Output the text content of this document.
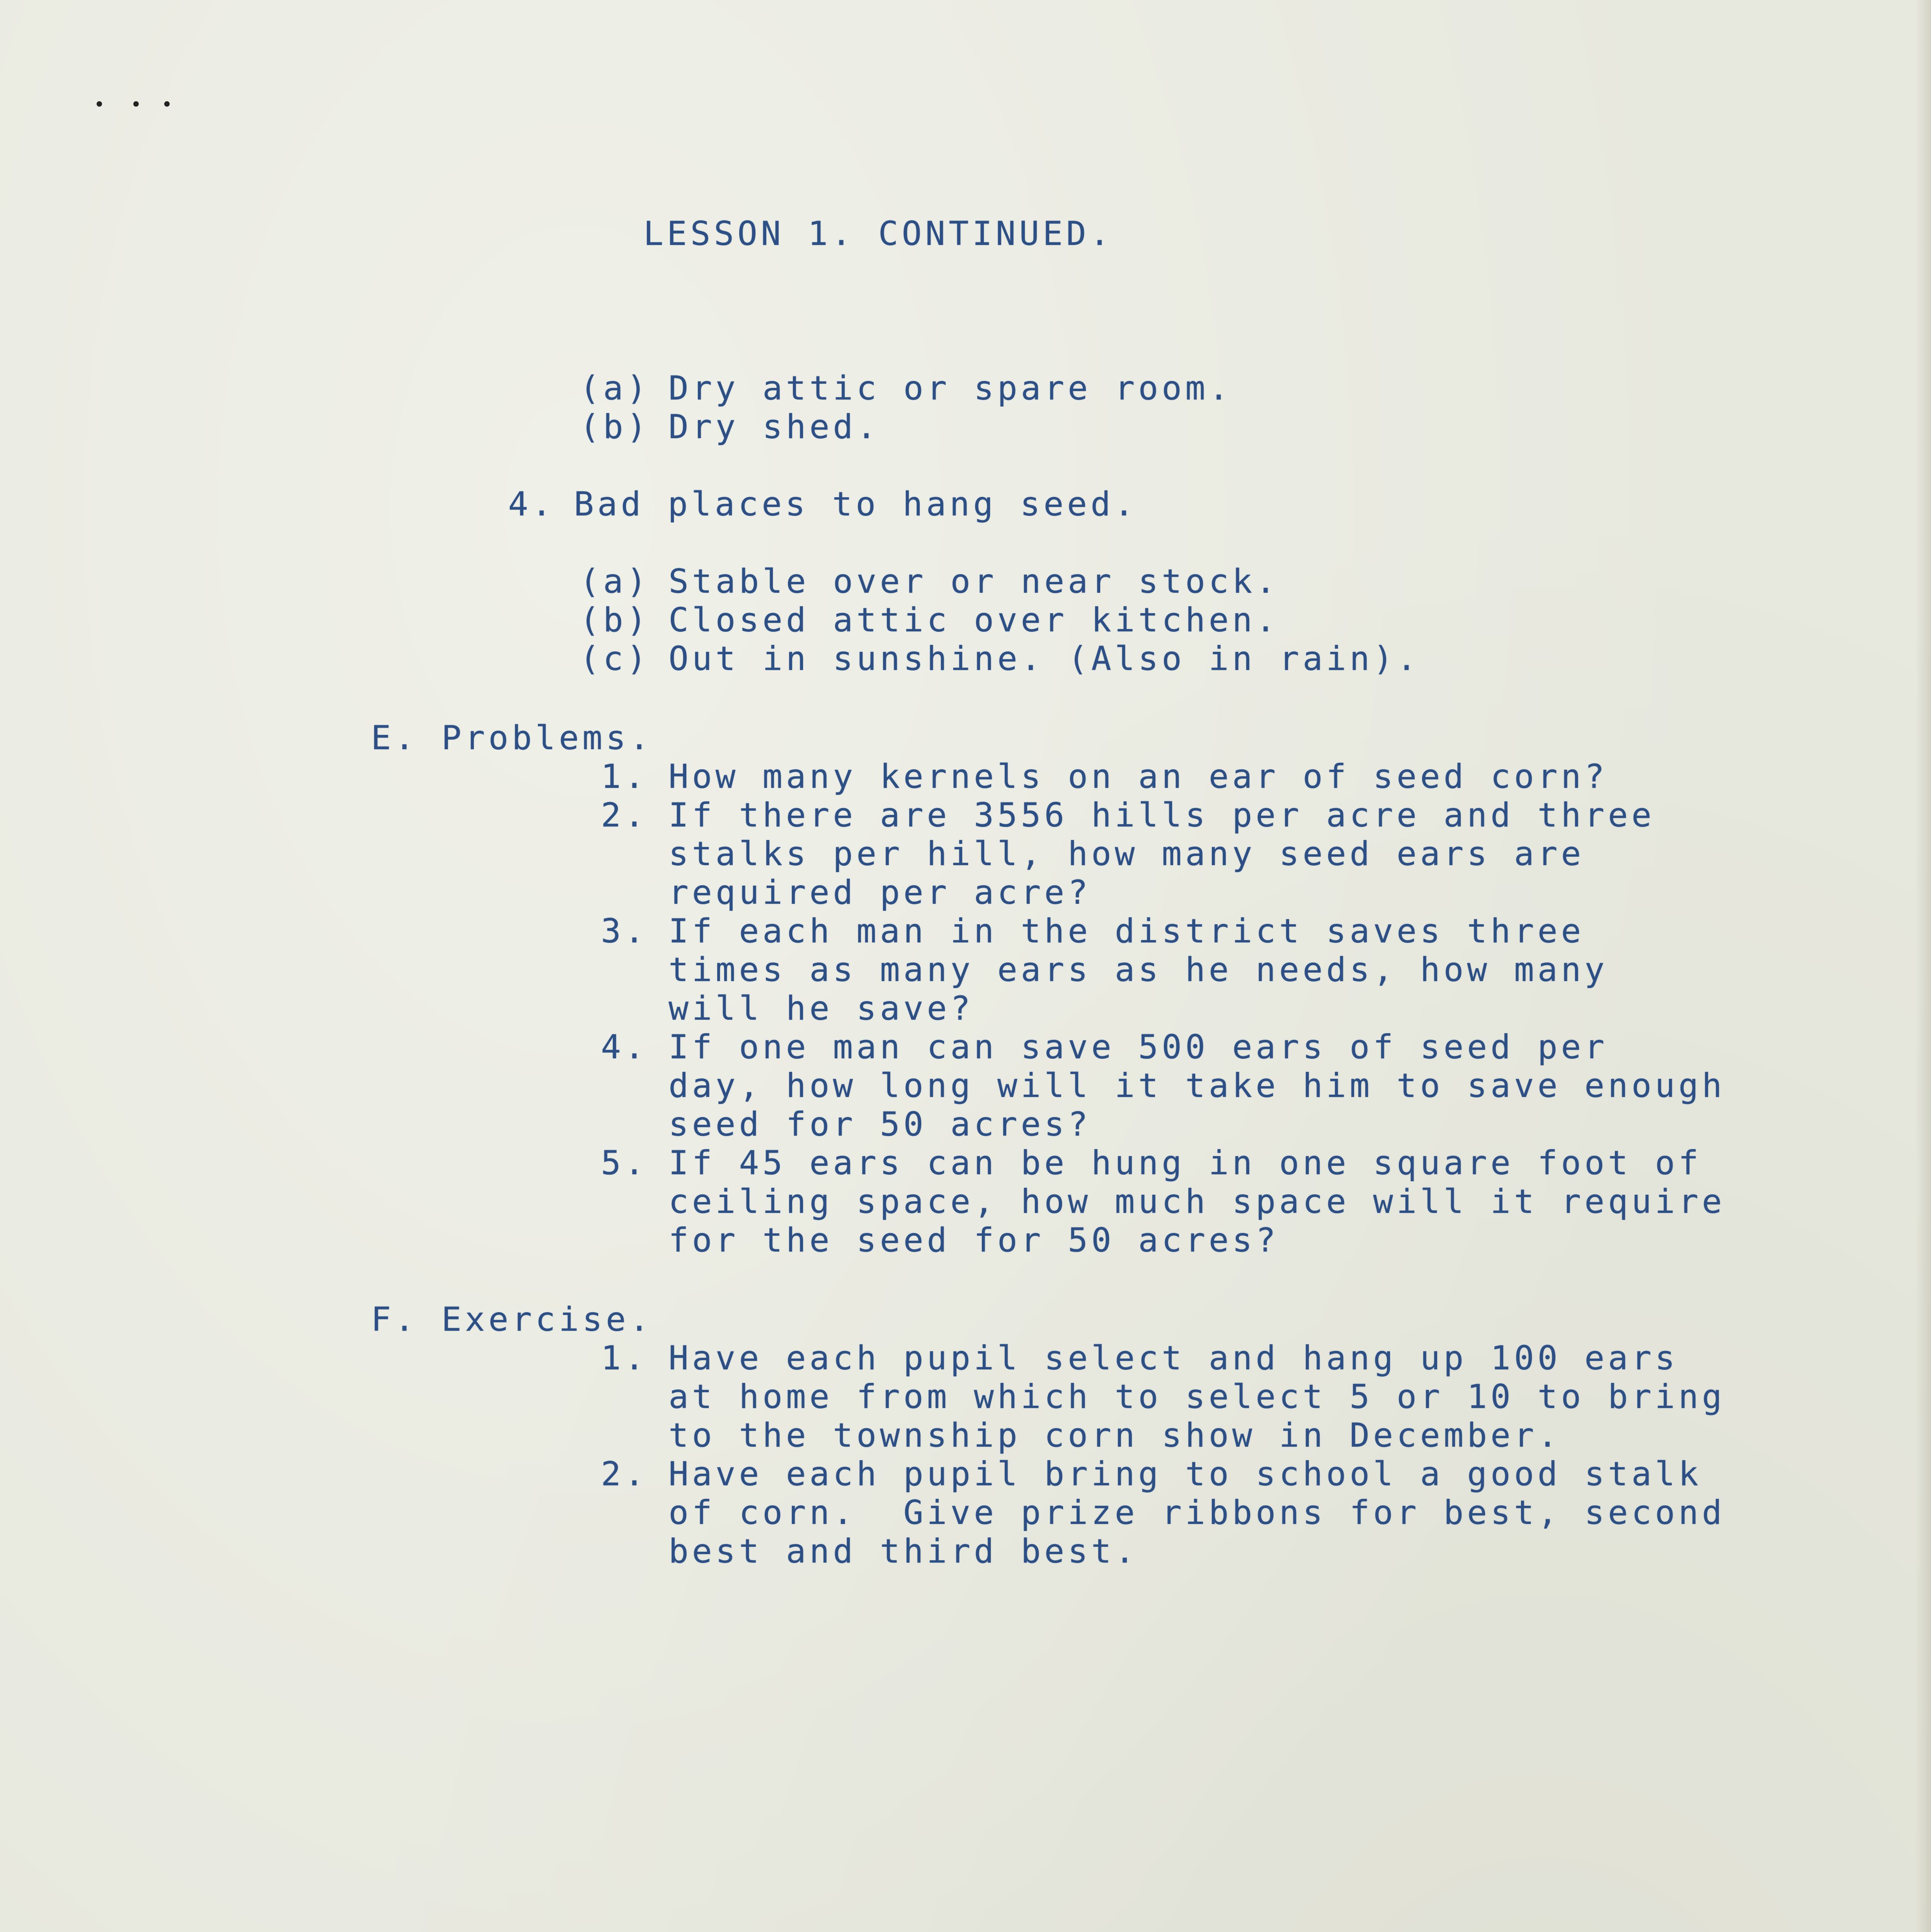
LESSON 1. CONTINUED.
(a) Dry attic or spare room.
(b) Dry shed.
4. Bad places to hang seed.
(a) Stable over or near stock.
(b) Closed attic over kitchen.
(c) Out in sunshine. (Also in rain).
E. Problems.
1. How many kernels on an ear of seed corn?
2. If there are 3556 hills per acre and three
stalks per hill, how many seed ears are
required per acre?
3. If each man in the district saves three
times as many ears as he needs, how many
will he save?
4. If one man can save 500 ears of seed per
day, how long will it take him to save enough
seed for 50 acres?
5. If 45 ears can be hung in one square foot of
ceiling space, how much space will it require
for the seed for 50 acres?
F. Exercise.
1. Have each pupil select and hang up 100 ears
at home from which to select 5 or 10 to bring
to the township corn show in December.
2. Have each pupil bring to school a good stalk
of corn.  Give prize ribbons for best, second
best and third best.
